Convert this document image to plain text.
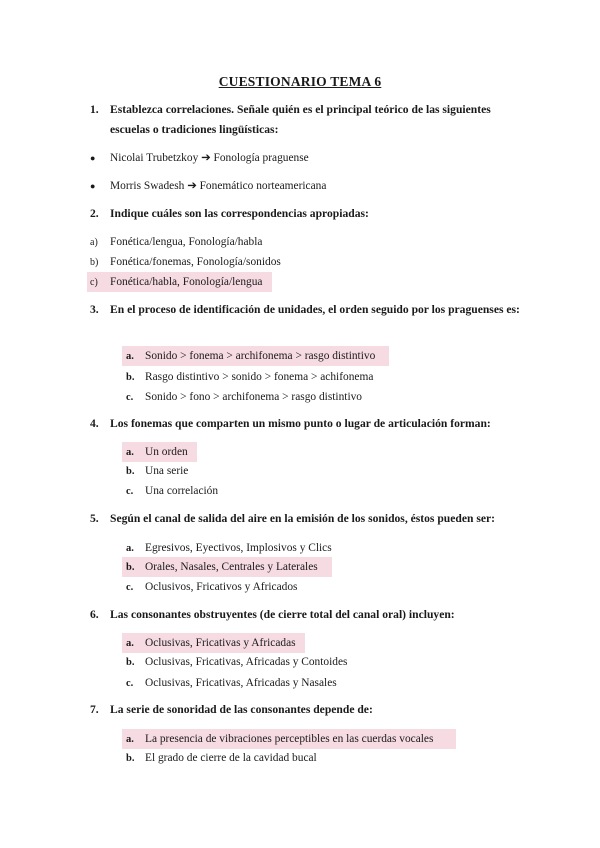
CUESTIONARIO TEMA 6
1. Establezca correlaciones. Señale quién es el principal teórico de las siguientes escuelas o tradiciones lingüísticas:
● Nicolai Trubetzkoy ➔ Fonología praguense
● Morris Swadesh ➔ Fonemático norteamericana
2. Indique cuáles son las correspondencias apropiadas:
a) Fonética/lengua, Fonología/habla
b) Fonética/fonemas, Fonología/sonidos
c) Fonética/habla, Fonología/lengua
3. En el proceso de identificación de unidades, el orden seguido por los praguenses es:
a. Sonido > fonema > archifonema > rasgo distintivo
b. Rasgo distintivo > sonido > fonema > achifonema
c. Sonido > fono > archifonema > rasgo distintivo
4. Los fonemas que comparten un mismo punto o lugar de articulación forman:
a. Un orden
b. Una serie
c. Una correlación
5. Según el canal de salida del aire en la emisión de los sonidos, éstos pueden ser:
a. Egresivos, Eyectivos, Implosivos y Clics
b. Orales, Nasales, Centrales y Laterales
c. Oclusivos, Fricativos y Africados
6. Las consonantes obstruyentes (de cierre total del canal oral) incluyen:
a. Oclusivas, Fricativas y Africadas
b. Oclusivas, Fricativas, Africadas y Contoides
c. Oclusivas, Fricativas, Africadas y Nasales
7. La serie de sonoridad de las consonantes depende de:
a. La presencia de vibraciones perceptibles en las cuerdas vocales
b. El grado de cierre de la cavidad bucal
